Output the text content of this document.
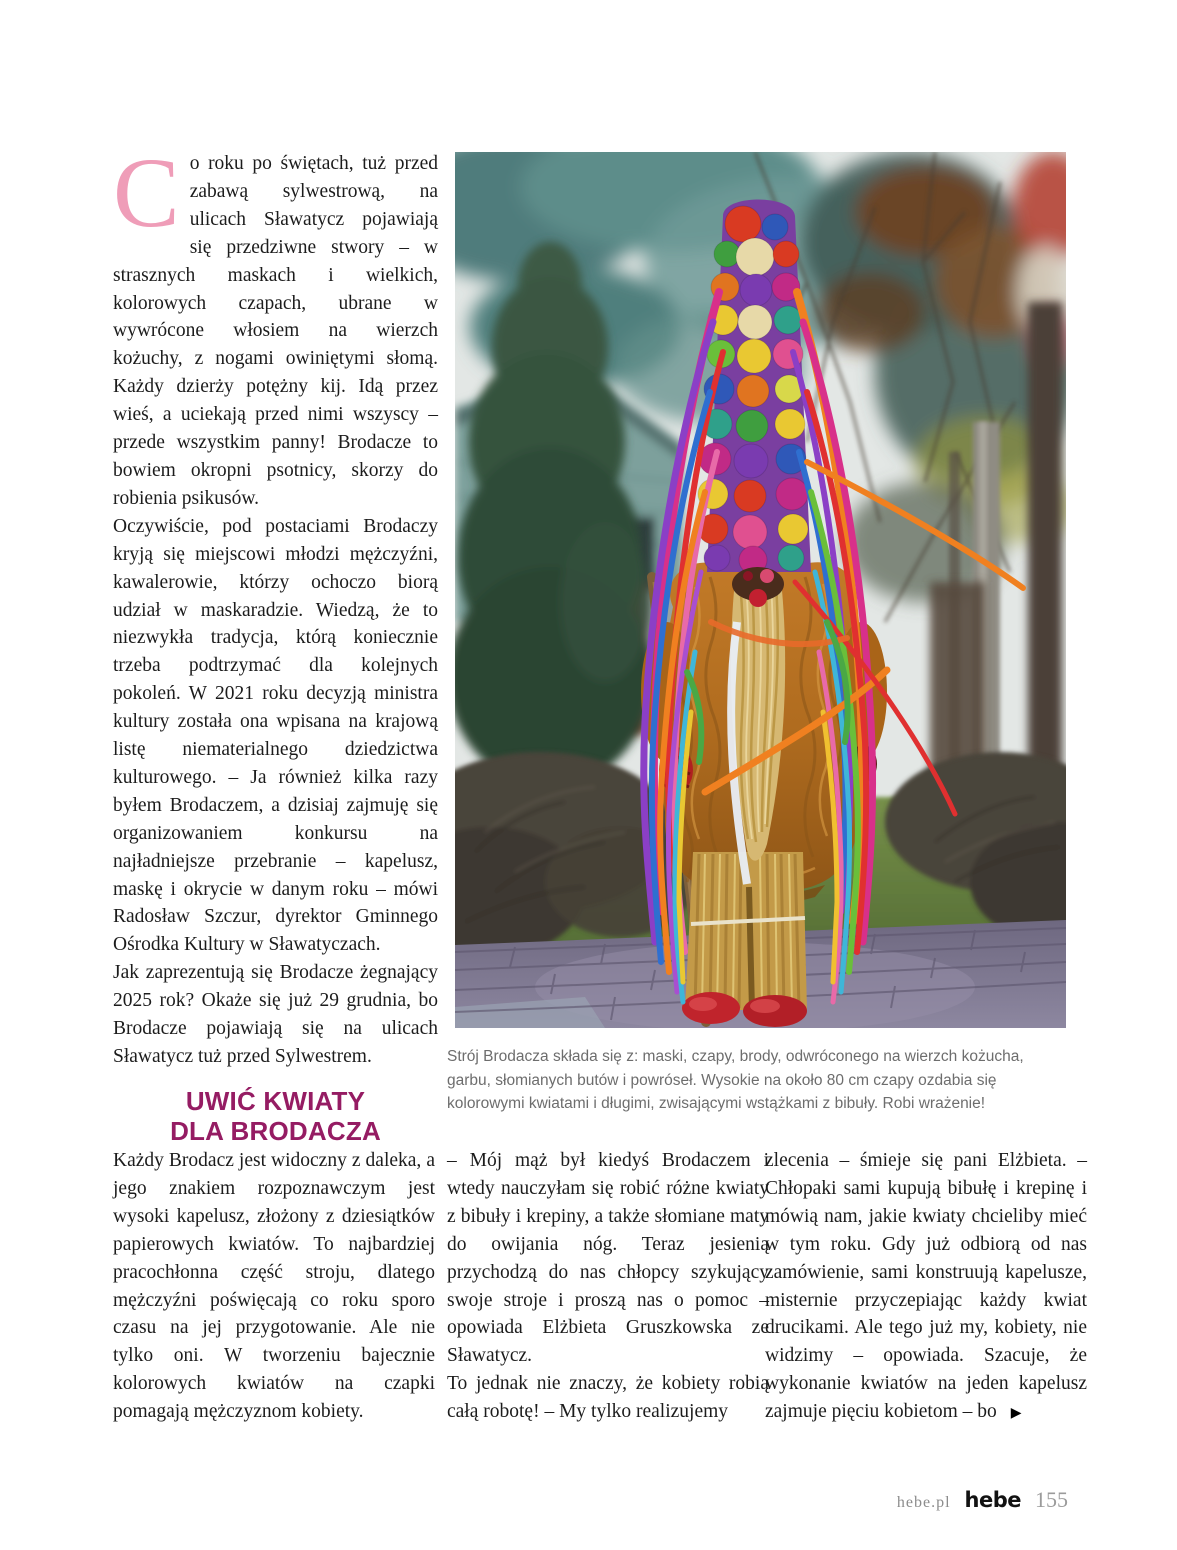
Co roku po świętach, tuż przed zabawą sylwestrową, na ulicach Sławatycz pojawiają się przedziwne stwory – w strasznych maskach i wielkich, kolorowych czapach, ubrane w wywrócone włosiem na wierzch kożuchy, z nogami owiniętymi słomą. Każdy dzierży potężny kij. Idą przez wieś, a uciekają przed nimi wszyscy – przede wszystkim panny! Brodacze to bowiem okropni psotnicy, skorzy do robienia psikusów.

Oczywiście, pod postaciami Brodaczy kryją się miejscowi młodzi mężczyźni, kawalerowie, którzy ochoczo biorą udział w maskaradzie. Wiedzą, że to niezwykła tradycja, którą koniecznie trzeba podtrzymać dla kolejnych pokoleń. W 2021 roku decyzją ministra kultury została ona wpisana na krajową listę niematerialnego dziedzictwa kulturowego. – Ja również kilka razy byłem Brodaczem, a dzisiaj zajmuję się organizowaniem konkursu na najładniejsze przebranie – kapelusz, maskę i okrycie w danym roku – mówi Radosław Szczur, dyrektor Gminnego Ośrodka Kultury w Sławatyczach.

Jak zaprezentują się Brodacze żegnający 2025 rok? Okaże się już 29 grudnia, bo Brodacze pojawiają się na ulicach Sławatycz tuż przed Sylwestrem.

UWIĆ KWIATY
DLA BRODACZA

Każdy Brodacz jest widoczny z daleka, a jego znakiem rozpoznawczym jest wysoki kapelusz, złożony z dziesiątków papierowych kwiatów. To najbardziej pracochłonna część stroju, dlatego mężczyźni poświęcają co roku sporo czasu na jej przygotowanie. Ale nie tylko oni. W tworzeniu bajecznie kolorowych kwiatów na czapki pomagają mężczyznom kobiety.

– Mój mąż był kiedyś Brodaczem i wtedy nauczyłam się robić różne kwiaty z bibuły i krepiny, a także słomiane maty do owijania nóg. Teraz jesienią przychodzą do nas chłopcy szykujący swoje stroje i proszą nas o pomoc – opowiada Elżbieta Gruszkowska ze Sławatycz.

To jednak nie znaczy, że kobiety robią całą robotę! – My tylko realizujemy

zlecenia – śmieje się pani Elżbieta. – Chłopaki sami kupują bibułę i krepinę i mówią nam, jakie kwiaty chcieliby mieć w tym roku. Gdy już odbiorą od nas zamówienie, sami konstruują kapelusze, misternie przyczepiając każdy kwiat drucikami. Ale tego już my, kobiety, nie widzimy – opowiada. Szacuje, że wykonanie kwiatów na jeden kapelusz zajmuje pięciu kobietom – bo ▶

Strój Brodacza składa się z: maski, czapy, brody, odwróconego na wierzch kożucha, garbu, słomianych butów i powróseł. Wysokie na około 80 cm czapy ozdabia się kolorowymi kwiatami i długimi, zwisającymi wstążkami z bibuły. Robi wrażenie!
hebe.pl hebe 155
